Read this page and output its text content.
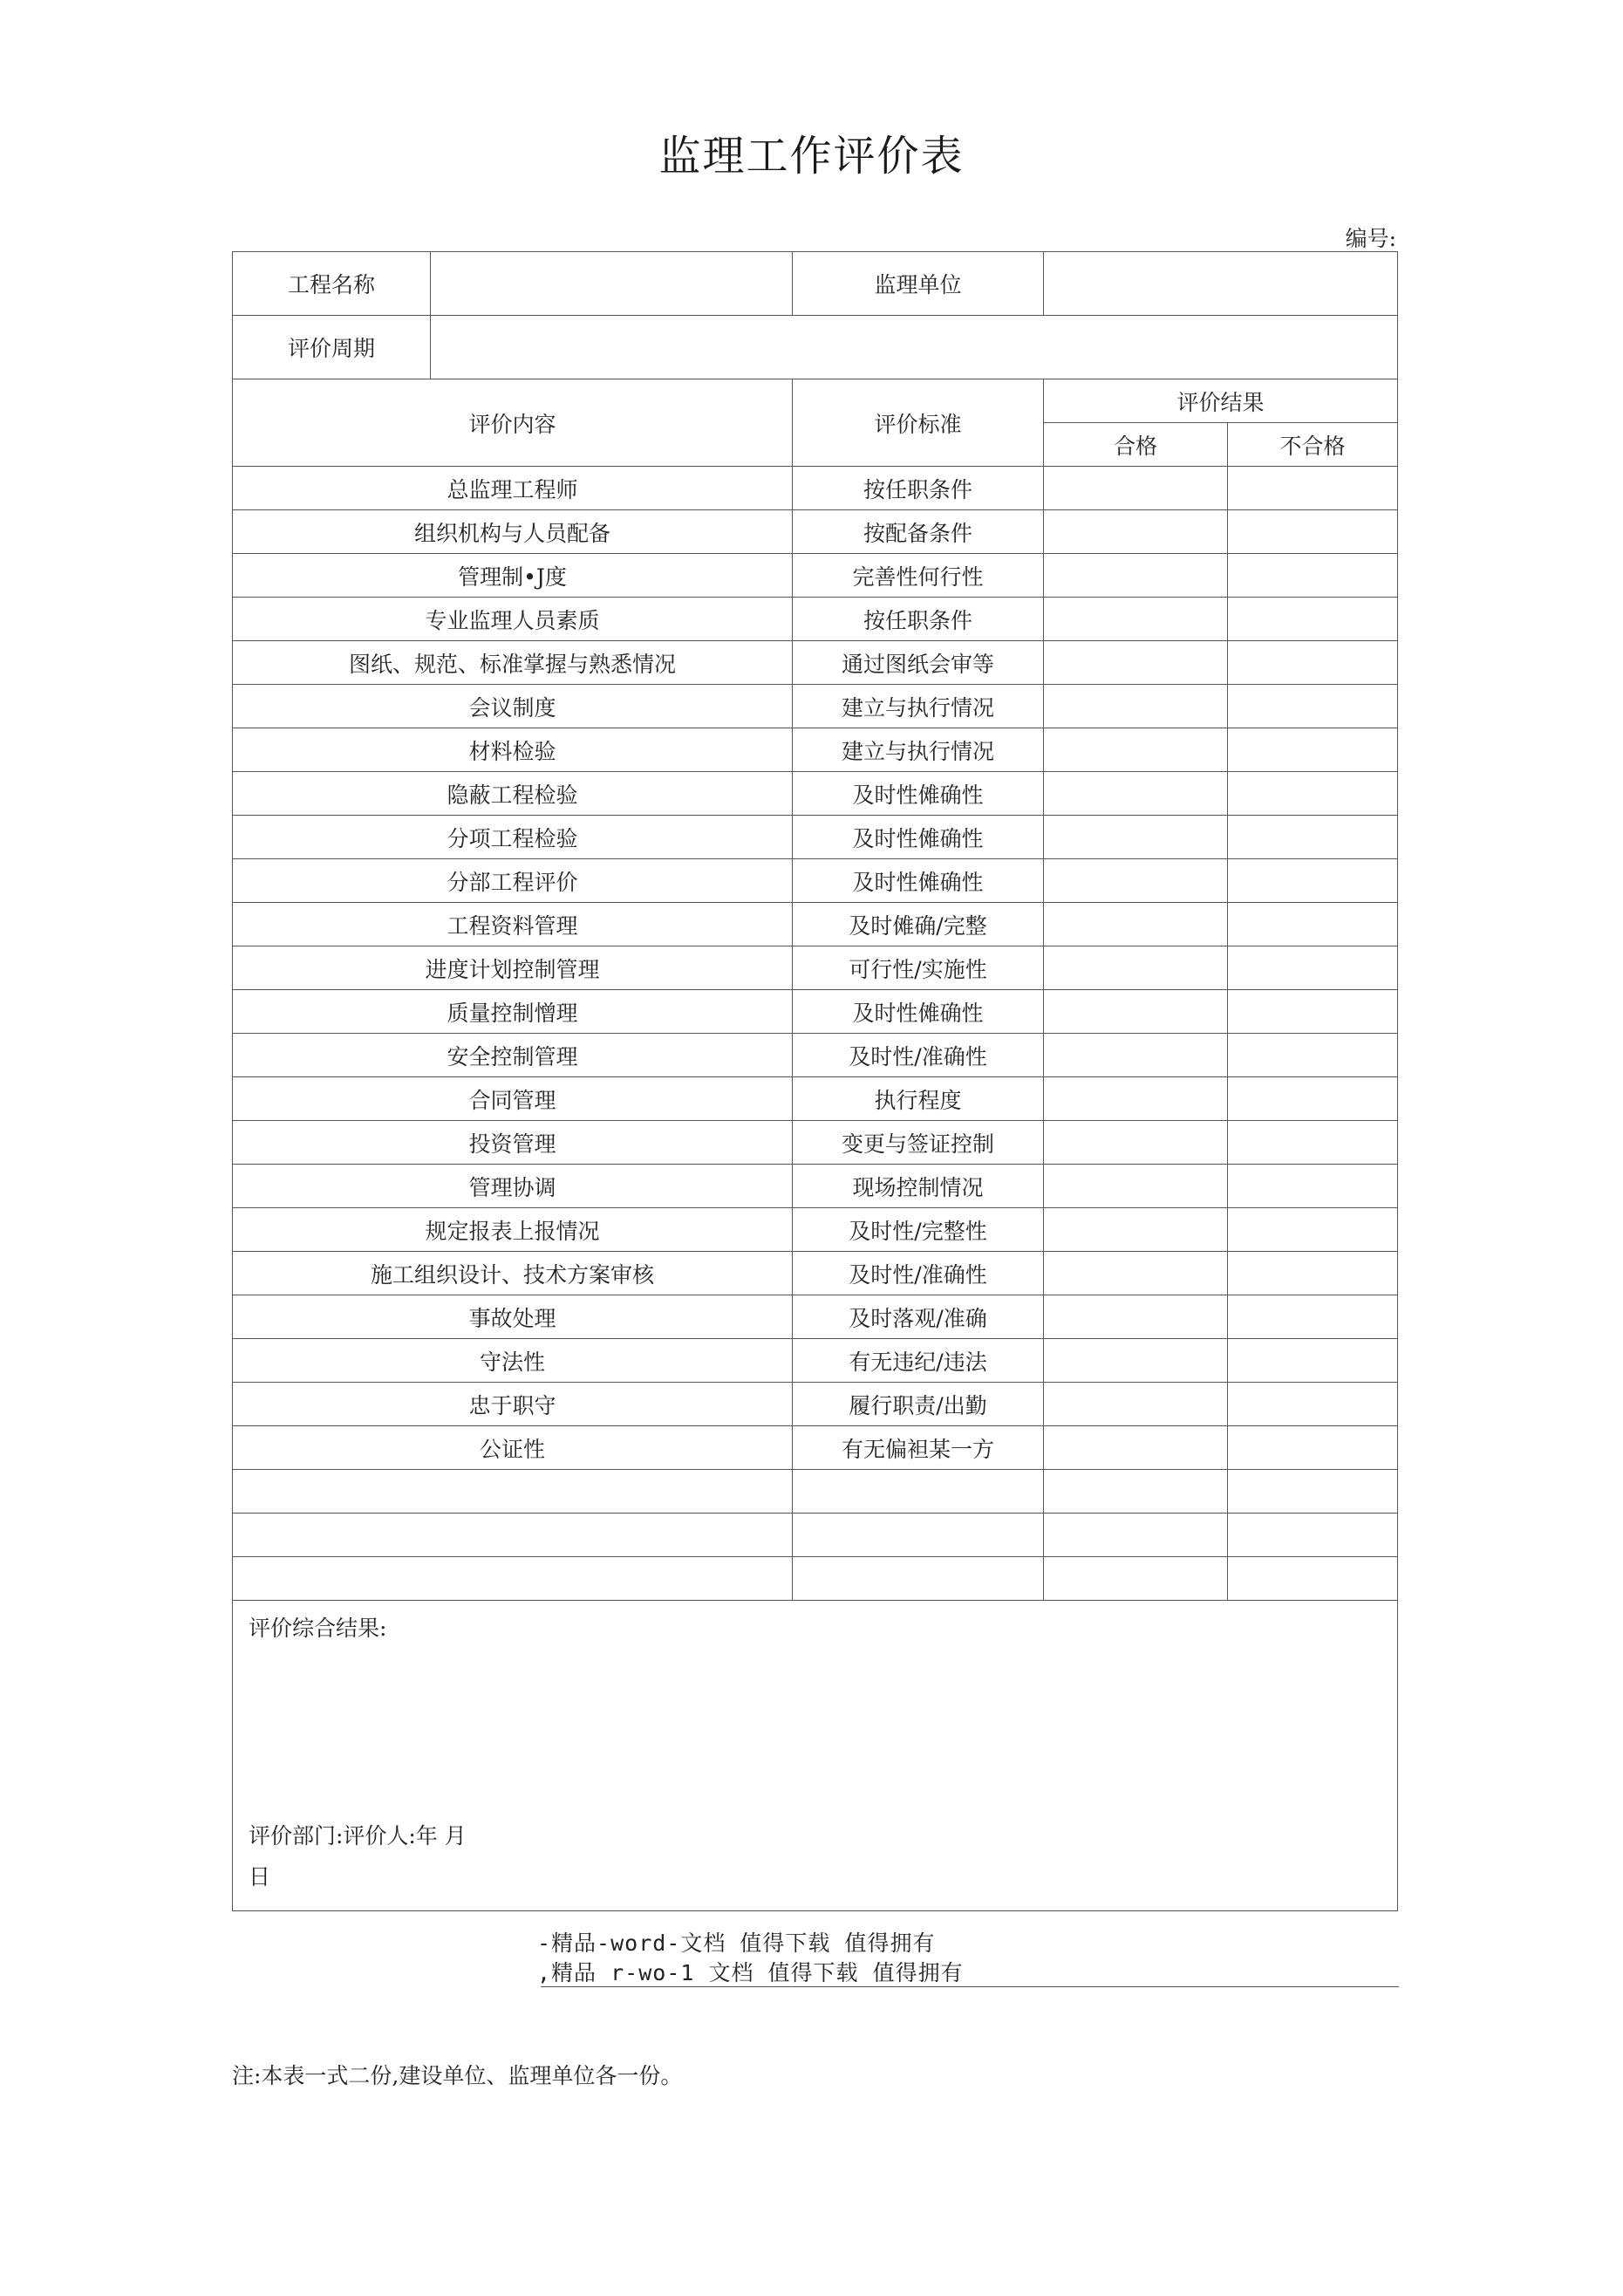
监理工作评价表
编号:
工程名称		监理单位		
评价周期				
评价内容		评价标准	评价结果	
			合格	不合格
总监理工程师		按任职条件		
组织机构与人员配备		按配备条件		
管理制•J度		完善性何行性		
专业监理人员素质		按任职条件		
图纸、规范、标准掌握与熟悉情况		通过图纸会审等		
会议制度		建立与执行情况		
材料检验		建立与执行情况		
隐蔽工程检验		及时性傩确性		
分项工程检验		及时性傩确性		
分部工程评价		及时性傩确性		
工程资料管理		及时傩确/完整		
进度计划控制管理		可行性/实施性		
质量控制憎理		及时性傩确性		
安全控制管理		及时性/准确性		
合同管理		执行程度		
投资管理		变更与签证控制		
管理协调		现场控制情况		
规定报表上报情况		及时性/完整性		
施工组织设计、技术方案审核		及时性/准确性		
事故处理		及时落观/准确		
守法性		有无违纪/违法		
忠于职守		履行职责/出勤		
公证性		有无偏袒某一方		

评价综合结果:
评价部门:评价人:年 月
日				
-精品-word-文档 值得下载 值得拥有
,精品 r-wo-1 文档 值得下载 值得拥有
注:本表一式二份,建设单位、监理单位各一份。
